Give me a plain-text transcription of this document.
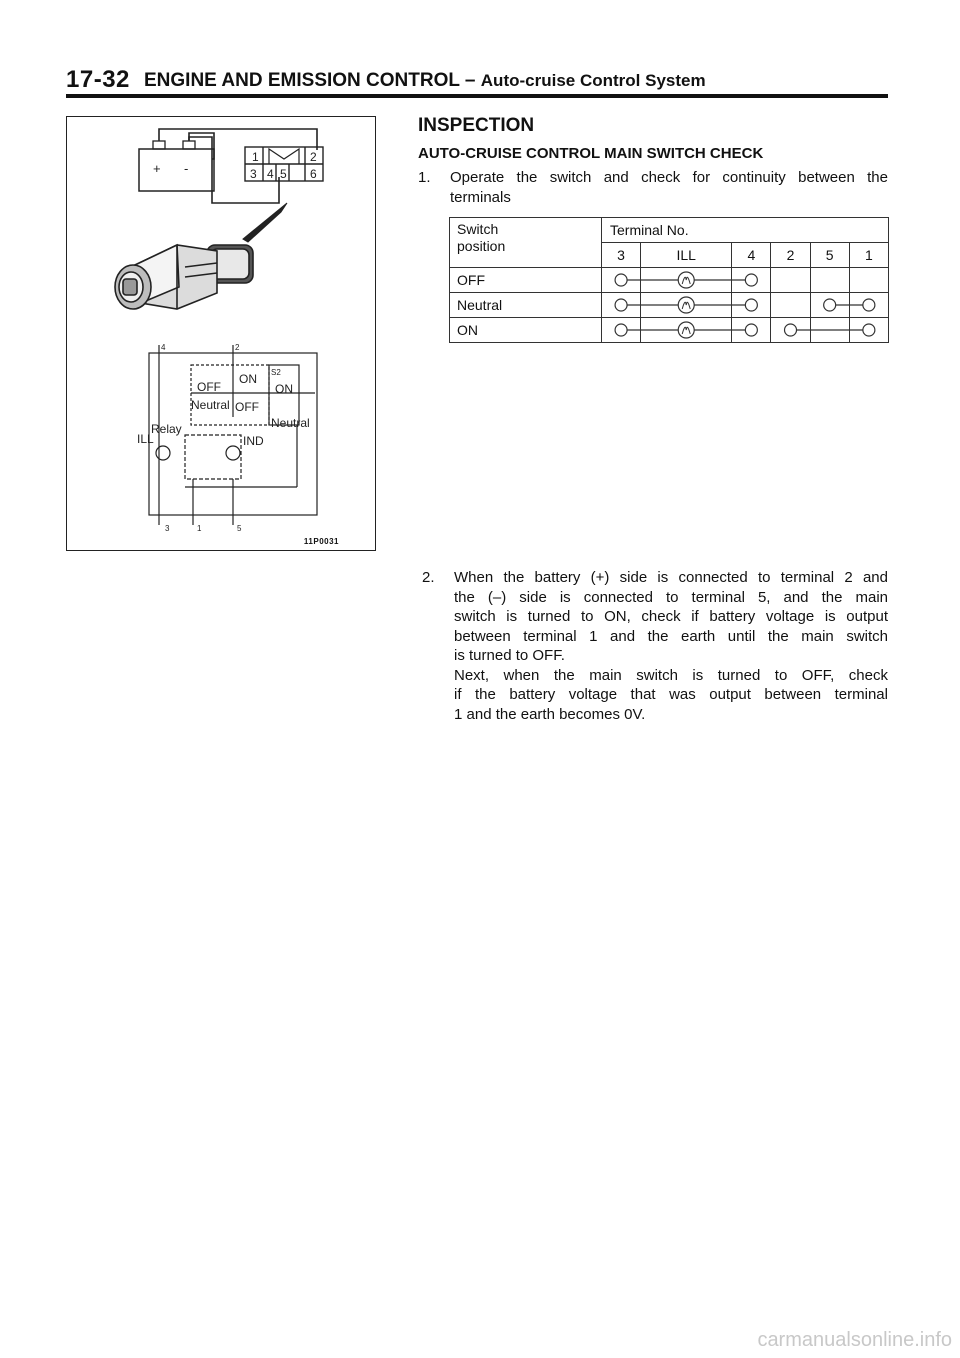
17-32 ENGINE AND EMISSION CONTROL – Auto-cruise Control System
+ -
1	2
3 4 5 6
4	2
OFF
ON S2
ON
Neutral OFF
Neutral
Relay
ILL	IND
3	1	5
11P0031
INSPECTION
AUTO-CRUISE CONTROL MAIN SWITCH CHECK
1. Operate the switch and check for continuity between the
terminals
Switch
position	Terminal No.					
	3	ILL	4	2	5	1
OFF						
Neutral						
ON						
2. When the battery (+) side is connected to terminal 2 and
the (–) side is connected to terminal 5, and the main
switch is turned to ON, check if battery voltage is output
between terminal 1 and the earth until the main switch
is turned to OFF.
Next, when the main switch is turned to OFF, check
if the battery voltage that was output between terminal
1 and the earth becomes 0V.
carmanualsonline.info
